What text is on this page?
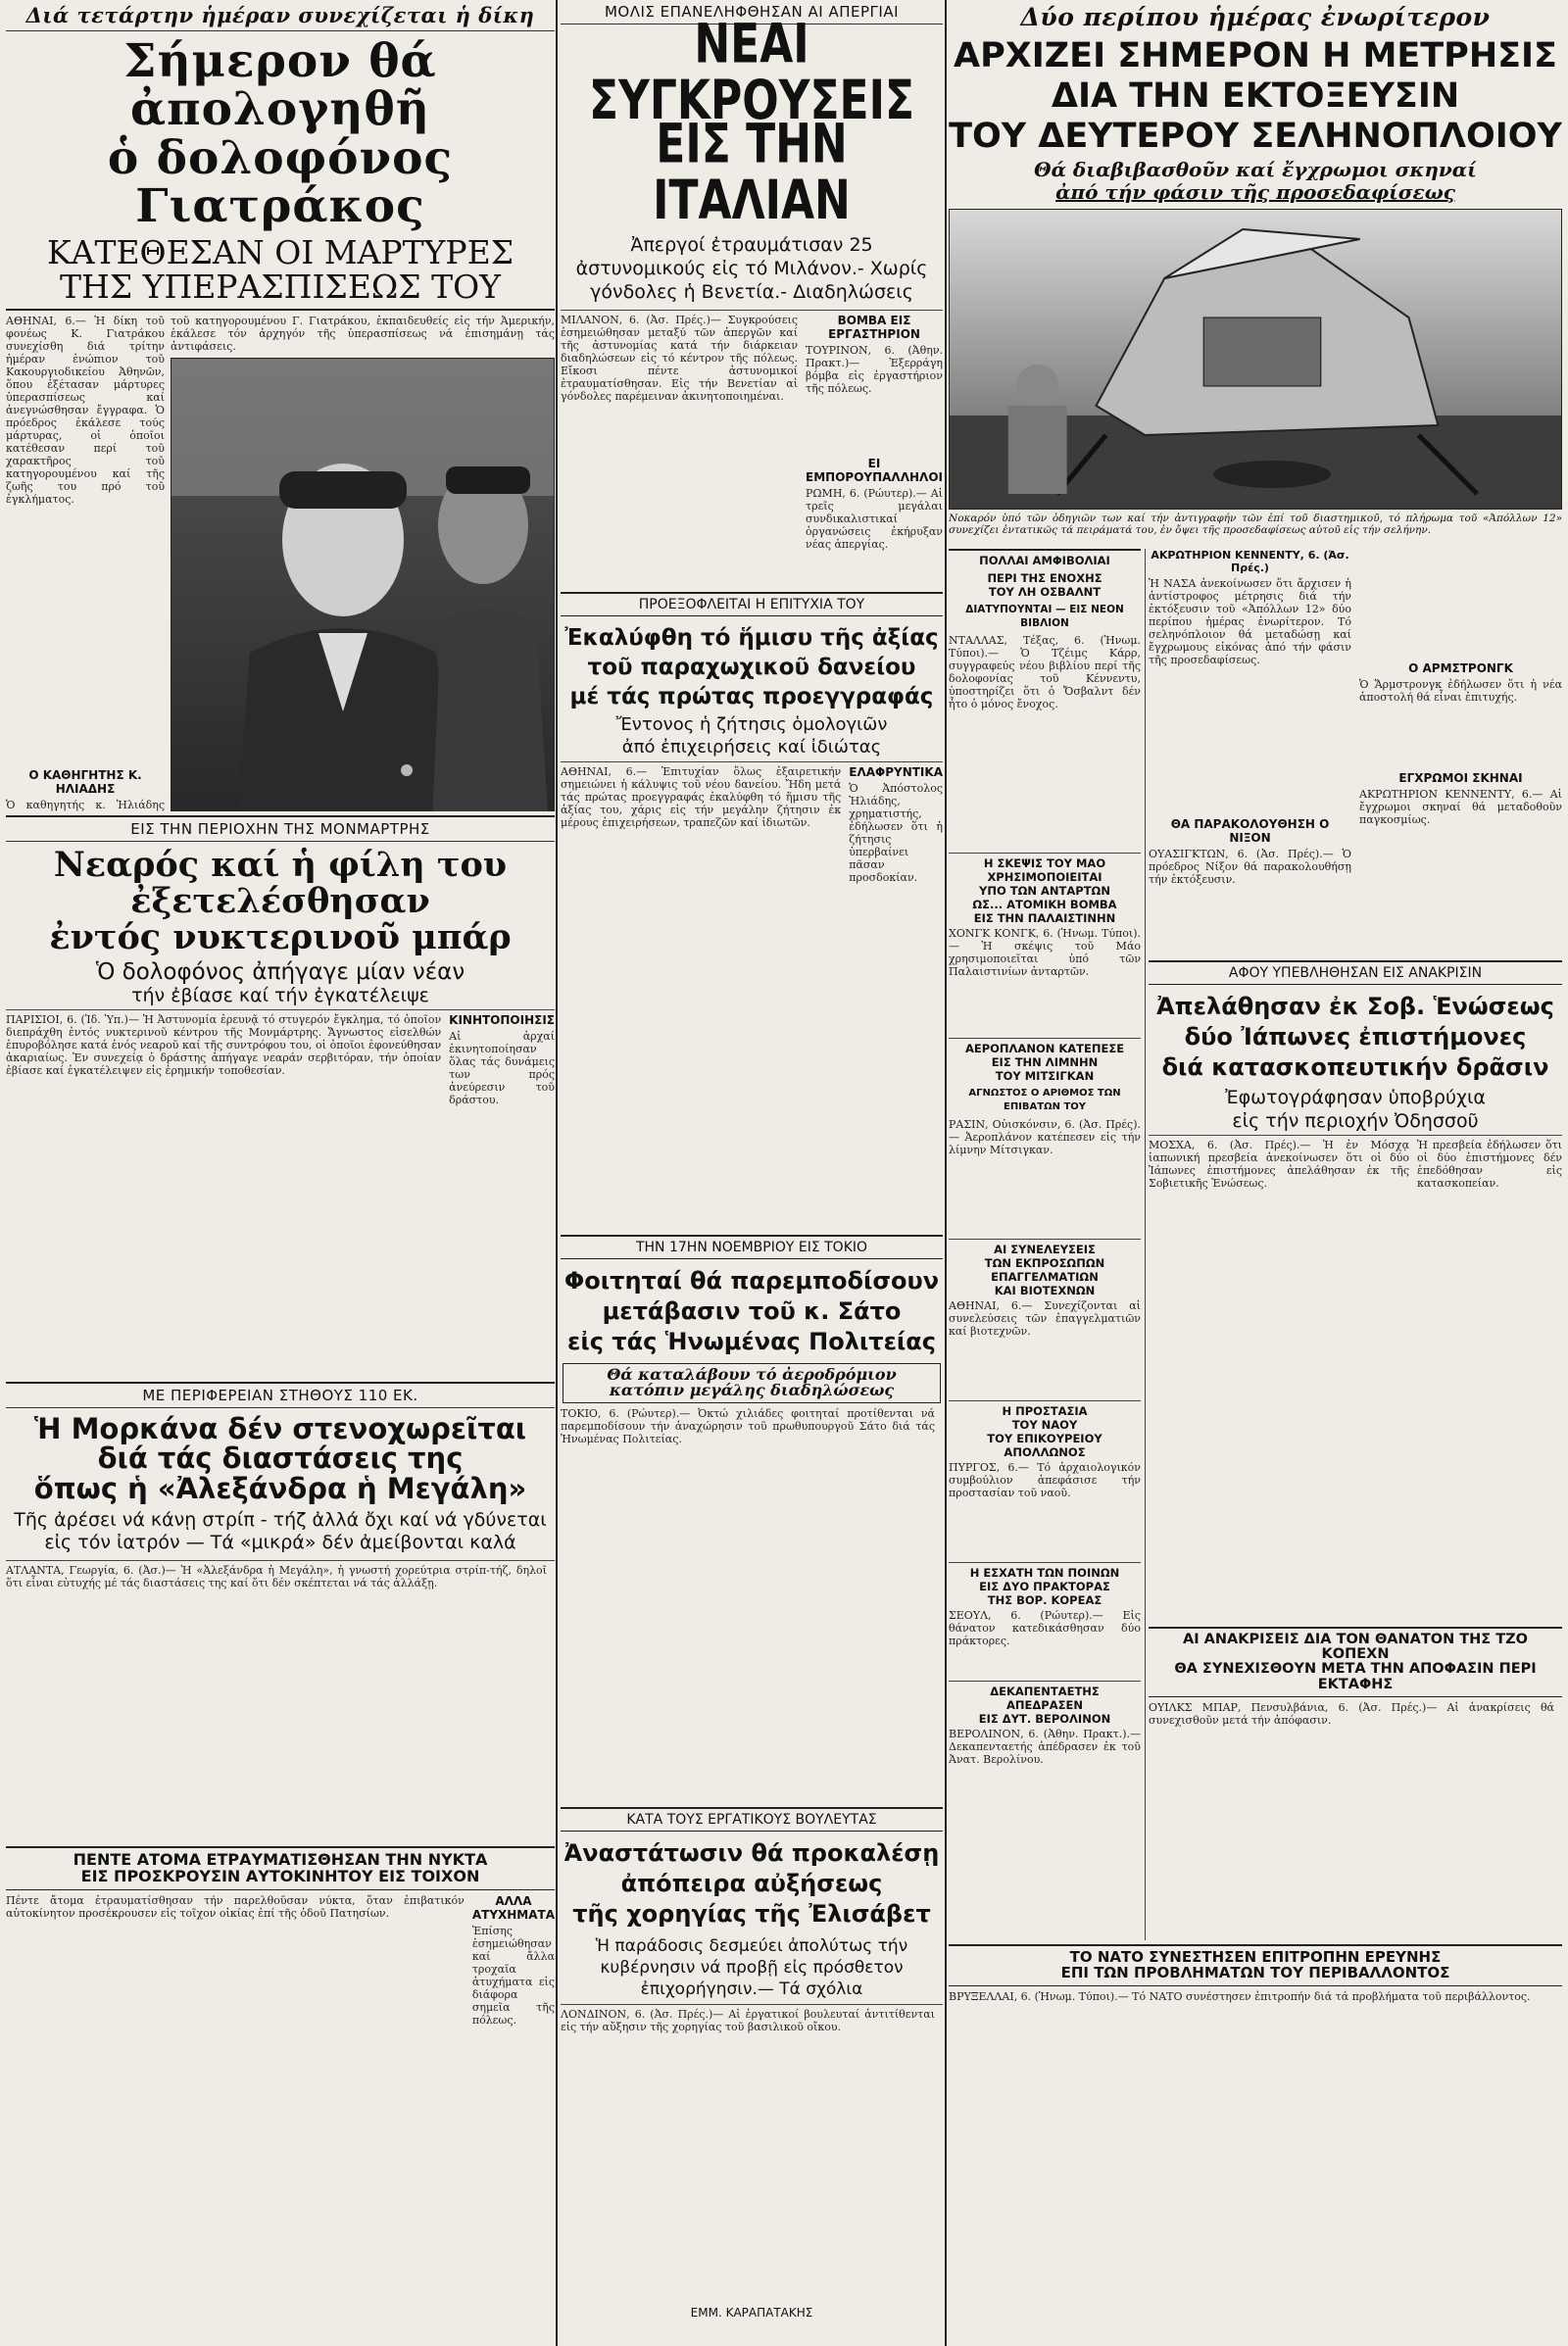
Διά τετάρτην ἡμέραν συνεχίζεται ἡ δίκη
Σήμερον θά ἀπολογηθῆ
ὁ δολοφόνος Γιατράκος
ΚΑΤΕΘΕΣΑΝ ΟΙ ΜΑΡΤΥΡΕΣ
ΤΗΣ ΥΠΕΡΑΣΠΙΣΕΩΣ ΤΟΥ

ΑΘΗΝΑΙ, 6.— Ἡ δίκη τοῦ φονέως Κ. Γιατράκου συνεχίσθη διά τρίτην ἡμέραν ἐνώπιον τοῦ Κακουργιοδικείου Ἀθηνῶν, ὅπου ἐξέτασαν μάρτυρες ὑπερασπίσεως καί ἀνεγνώσθησαν ἔγγραφα. Ὁ πρόεδρος ἐκάλεσε τούς μάρτυρας, οἱ ὁποῖοι κατέθεσαν περί τοῦ χαρακτῆρος τοῦ κατηγορουμένου καί τῆς ζωῆς του πρό τοῦ ἐγκλήματος.

Ο ΚΑΘΗΓΗΤΗΣ Κ. ΗΛΙΑΔΗΣ

Ὁ καθηγητής κ. Ἠλιάδης

τοῦ κατηγορουμένου Γ. Γιατράκου, ἐκπαιδευθείς εἰς τήν Ἀμερικήν, ἐκάλεσε τόν ἀρχηγόν τῆς ὑπερασπίσεως νά ἐπισημάνῃ τάς ἀντιφάσεις.

ΕΙΣ ΤΗΝ ΠΕΡΙΟΧΗΝ ΤΗΣ ΜΟΝΜΑΡΤΡΗΣ
Νεαρός καί ἡ φίλη του
ἐξετελέσθησαν
ἐντός νυκτερινοῦ μπάρ
Ὁ δολοφόνος ἀπήγαγε μίαν νέαν
τήν ἐβίασε καί τήν ἐγκατέλειψε

ΠΑΡΙΣΙΟΙ, 6. (Ἰδ. Ὑπ.)— Ἡ Ἀστυνομία ἐρευνᾷ τό στυγερόν ἔγκλημα, τό ὁποῖον διεπράχθη ἐντός νυκτερινοῦ κέντρου τῆς Μονμάρτρης. Ἄγνωστος εἰσελθών ἐπυροβόλησε κατά ἑνός νεαροῦ καί τῆς συντρόφου του, οἱ ὁποῖοι ἐφονεύθησαν ἀκαριαίως. Ἐν συνεχείᾳ ὁ δράστης ἀπήγαγε νεαράν σερβιτόραν, τήν ὁποίαν ἐβίασε καί ἐγκατέλειψεν εἰς ἐρημικήν τοποθεσίαν.

ΚΙΝΗΤΟΠΟΙΗΣΙΣ

Αἱ ἀρχαί ἐκινητοποίησαν ὅλας τάς δυνάμεις των πρός ἀνεύρεσιν τοῦ δράστου.

ΜΕ ΠΕΡΙΦΕΡΕΙΑΝ ΣΤΗΘΟΥΣ 110 ΕΚ.
Ἡ Μορκάνα δέν στενοχωρεῖται
διά τάς διαστάσεις της
ὅπως ἡ «Ἀλεξάνδρα ἡ Μεγάλη»
Τῆς ἀρέσει νά κάνῃ στρίπ - τήζ ἀλλά ὄχι καί νά γδύνεται εἰς τόν ἰατρόν — Τά «μικρά» δέν ἀμείβονται καλά

ΑΤΛΑΝΤΑ, Γεωργία, 6. (Ἀσ.)— Ἡ «Ἀλεξάνδρα ἡ Μεγάλη», ἡ γνωστή χορεύτρια στρίπ-τήζ, δηλοῖ ὅτι εἶναι εὐτυχής μέ τάς διαστάσεις της καί ὅτι δέν σκέπτεται νά τάς ἀλλάξῃ.

ΠΕΝΤΕ ΑΤΟΜΑ ΕΤΡΑΥΜΑΤΙΣΘΗΣΑΝ ΤΗΝ ΝΥΚΤΑ
ΕΙΣ ΠΡΟΣΚΡΟΥΣΙΝ ΑΥΤΟΚΙΝΗΤΟΥ ΕΙΣ ΤΟΙΧΟΝ

Πέντε ἄτομα ἐτραυματίσθησαν τήν παρελθοῦσαν νύκτα, ὅταν ἐπιβατικόν αὐτοκίνητον προσέκρουσεν εἰς τοῖχον οἰκίας ἐπί τῆς ὁδοῦ Πατησίων.

ΑΛΛΑ ΑΤΥΧΗΜΑΤΑ

Ἐπίσης ἐσημειώθησαν καί ἄλλα τροχαῖα ἀτυχήματα εἰς διάφορα σημεῖα τῆς πόλεως.

ΜΟΛΙΣ ΕΠΑΝΕΛΗΦΘΗΣΑΝ ΑΙ ΑΠΕΡΓΙΑΙ
ΝΕΑΙ ΣΥΓΚΡΟΥΣΕΙΣ
ΕΙΣ ΤΗΝ ΙΤΑΛΙΑΝ
Ἀπεργοί ἐτραυμάτισαν 25 ἀστυνομικούς εἰς τό Μιλάνον.- Χωρίς γόνδολες ἡ Βενετία.- Διαδηλώσεις

ΜΙΛΑΝΟΝ, 6. (Ἀσ. Πρές.)— Συγκρούσεις ἐσημειώθησαν μεταξύ τῶν ἀπεργῶν καί τῆς ἀστυνομίας κατά τήν διάρκειαν διαδηλώσεων εἰς τό κέντρον τῆς πόλεως. Εἴκοσι πέντε ἀστυνομικοί ἐτραυματίσθησαν. Εἰς τήν Βενετίαν αἱ γόνδολες παρέμειναν ἀκινητοποιημέναι.

ΒΟΜΒΑ ΕΙΣ ΕΡΓΑΣΤΗΡΙΟΝ

ΤΟΥΡΙΝΟΝ, 6. (Ἀθην. Πρακτ.)— Ἐξερράγη βόμβα εἰς ἐργαστήριον τῆς πόλεως.

ΕΙ ΕΜΠΟΡΟΥΠΑΛΛΗΛΟΙ

ΡΩΜΗ, 6. (Ρώυτερ).— Αἱ τρεῖς μεγάλαι συνδικαλιστικαί ὀργανώσεις ἐκήρυξαν νέας ἀπεργίας.

ΠΡΟΕΞΟΦΛΕΙΤΑΙ Η ΕΠΙΤΥΧΙΑ ΤΟΥ
Ἐκαλύφθη τό ἥμισυ τῆς ἀξίας
τοῦ παραχωχικοῦ δανείου
μέ τάς πρώτας προεγγραφάς
Ἔντονος ἡ ζήτησις ὁμολογιῶν
ἀπό ἐπιχειρήσεις καί ἰδιώτας

ΑΘΗΝΑΙ, 6.— Ἐπιτυχίαν ὅλως ἐξαιρετικήν σημειώνει ἡ κάλυψις τοῦ νέου δανείου. Ἤδη μετά τάς πρώτας προεγγραφάς ἐκαλύφθη τό ἥμισυ τῆς ἀξίας του, χάρις εἰς τήν μεγάλην ζήτησιν ἐκ μέρους ἐπιχειρήσεων, τραπεζῶν καί ἰδιωτῶν.

ΕΛΑΦΡΥΝΤΙΚΑ

Ὁ Ἀπόστολος Ἠλιάδης, χρηματιστής, ἐδήλωσεν ὅτι ἡ ζήτησις ὑπερβαίνει πᾶσαν προσδοκίαν.

ΤΗΝ 17ΗΝ ΝΟΕΜΒΡΙΟΥ ΕΙΣ ΤΟΚΙΟ
Φοιτηταί θά παρεμποδίσουν
μετάβασιν τοῦ κ. Σάτο
εἰς τάς Ἡνωμένας Πολιτείας
Θά καταλάβουν τό ἀεροδρόμιον
κατόπιν μεγάλης διαδηλώσεως

ΤΟΚΙΟ, 6. (Ρώυτερ).— Ὀκτώ χιλιάδες φοιτηταί προτίθενται νά παρεμποδίσουν τήν ἀναχώρησιν τοῦ πρωθυπουργοῦ Σάτο διά τάς Ἡνωμένας Πολιτείας.

ΚΑΤΑ ΤΟΥΣ ΕΡΓΑΤΙΚΟΥΣ ΒΟΥΛΕΥΤΑΣ
Ἀναστάτωσιν θά προκαλέσῃ
ἀπόπειρα αὐξήσεως
τῆς χορηγίας τῆς Ἐλισάβετ
Ἡ παράδοσις δεσμεύει ἀπολύτως τήν κυβέρνησιν νά προβῇ εἰς πρόσθετον ἐπιχορήγησιν.— Τά σχόλια

ΛΟΝΔΙΝΟΝ, 6. (Ἀσ. Πρές.)— Αἱ ἐργατικοί βουλευταί ἀντιτίθενται εἰς τήν αὔξησιν τῆς χορηγίας τοῦ βασιλικοῦ οἴκου.

ΕΜΜ. ΚΑΡΑΠΑΤΑΚΗΣ
Δύο περίπου ἡμέρας ἐνωρίτερον
ΑΡΧΙΖΕΙ ΣΗΜΕΡΟΝ Η ΜΕΤΡΗΣΙΣ
ΔΙΑ ΤΗΝ ΕΚΤΟΞΕΥΣΙΝ
ΤΟΥ ΔΕΥΤΕΡΟΥ ΣΕΛΗΝΟΠΛΟΙΟΥ
Θά διαβιβασθοῦν καί ἔγχρωμοι σκηναί
ἀπό τήν φάσιν τῆς προσεδαφίσεως

Νοκαρόν ὑπό τῶν ὁδηγιῶν των καί τήν ἀντιγραφήν τῶν ἐπί τοῦ διαστημικοῦ, τό πλήρωμα τοῦ «Ἀπόλλων 12» συνεχίζει ἐντατικῶς τά πειράματά του, ἐν ὄψει τῆς προσεδαφίσεως αὐτοῦ εἰς τήν σελήνην.

ΠΟΛΛΑΙ ΑΜΦΙΒΟΛΙΑΙ
ΠΕΡΙ ΤΗΣ ΕΝΟΧΗΣ
ΤΟΥ ΛΗ ΟΣΒΑΛΝΤ
ΔΙΑΤΥΠΟΥΝΤΑΙ — ΕΙΣ ΝΕΟΝ ΒΙΒΛΙΟΝ

ΝΤΑΛΛΑΣ, Τέξας, 6. (Ἡνωμ. Τύποι).— Ὁ Τζέιμς Κάρρ, συγγραφεύς νέου βιβλίου περί τῆς δολοφονίας τοῦ Κέννεντυ, ὑποστηρίζει ὅτι ὁ Ὄσβαλντ δέν ἦτο ὁ μόνος ἔνοχος.

Η ΣΚΕΨΙΣ ΤΟΥ ΜΑΟ
ΧΡΗΣΙΜΟΠΟΙΕΙΤΑΙ
ΥΠΟ ΤΩΝ ΑΝΤΑΡΤΩΝ
ΩΣ... ΑΤΟΜΙΚΗ ΒΟΜΒΑ
ΕΙΣ ΤΗΝ ΠΑΛΑΙΣΤΙΝΗΝ

ΧΟΝΓΚ ΚΟΝΓΚ, 6. (Ἡνωμ. Τύποι).— Ἡ σκέψις τοῦ Μάο χρησιμοποιεῖται ὑπό τῶν Παλαιστινίων ἀνταρτῶν.

ΑΕΡΟΠΛΑΝΟΝ ΚΑΤΕΠΕΣΕ
ΕΙΣ ΤΗΝ ΛΙΜΝΗΝ
ΤΟΥ ΜΙΤΣΙΓΚΑΝ
ΑΓΝΩΣΤΟΣ Ο ΑΡΙΘΜΟΣ ΤΩΝ ΕΠΙΒΑΤΩΝ ΤΟΥ

ΡΑΣΙΝ, Οὐισκόνσιν, 6. (Ἀσ. Πρές).— Ἀεροπλάνον κατέπεσεν εἰς τήν λίμνην Μίτσιγκαν.

ΑΙ ΣΥΝΕΛΕΥΣΕΙΣ
ΤΩΝ ΕΚΠΡΟΣΩΠΩΝ
ΕΠΑΓΓΕΛΜΑΤΙΩΝ
ΚΑΙ ΒΙΟΤΕΧΝΩΝ

ΑΘΗΝΑΙ, 6.— Συνεχίζονται αἱ συνελεύσεις τῶν ἐπαγγελματιῶν καί βιοτεχνῶν.

Η ΠΡΟΣΤΑΣΙΑ
ΤΟΥ ΝΑΟΥ
ΤΟΥ ΕΠΙΚΟΥΡΕΙΟΥ
ΑΠΟΛΛΩΝΟΣ

ΠΥΡΓΟΣ, 6.— Τό ἀρχαιολογικόν συμβούλιον ἀπεφάσισε τήν προστασίαν τοῦ ναοῦ.

Η ΕΣΧΑΤΗ ΤΩΝ ΠΟΙΝΩΝ
ΕΙΣ ΔΥΟ ΠΡΑΚΤΟΡΑΣ
ΤΗΣ ΒΟΡ. ΚΟΡΕΑΣ

ΣΕΟΥΛ, 6. (Ρώυτερ).— Εἰς θάνατον κατεδικάσθησαν δύο πράκτορες.

ΔΕΚΑΠΕΝΤΑΕΤΗΣ
ΑΠΕΔΡΑΣΕΝ
ΕΙΣ ΔΥΤ. ΒΕΡΟΛΙΝΟΝ

ΒΕΡΟΛΙΝΟΝ, 6. (Ἀθην. Πρακτ.).— Δεκαπενταετής ἀπέδρασεν ἐκ τοῦ Ἀνατ. Βερολίνου.

ΑΚΡΩΤΗΡΙΟΝ ΚΕΝΝΕΝΤΥ, 6. (Ἀσ. Πρές.)

Ἡ ΝΑΣΑ ἀνεκοίνωσεν ὅτι ἄρχισεν ἡ ἀντίστροφος μέτρησις διά τήν ἐκτόξευσιν τοῦ «Ἀπόλλων 12» δύο περίπου ἡμέρας ἐνωρίτερον. Τό σεληνόπλοιον θά μεταδώσῃ καί ἔγχρωμους εἰκόνας ἀπό τήν φάσιν τῆς προσεδαφίσεως.

ΘΑ ΠΑΡΑΚΟΛΟΥΘΗΣΗ Ο ΝΙΞΟΝ

ΟΥΑΣΙΓΚΤΩΝ, 6. (Ἀσ. Πρές).— Ὁ πρόεδρος Νίξον θά παρακολουθήσῃ τήν ἐκτόξευσιν.

Ο ΑΡΜΣΤΡΟΝΓΚ

Ὁ Ἄρμστρονγκ ἐδήλωσεν ὅτι ἡ νέα ἀποστολή θά εἶναι ἐπιτυχής.

ΕΓΧΡΩΜΟΙ ΣΚΗΝΑΙ

ΑΚΡΩΤΗΡΙΟΝ ΚΕΝΝΕΝΤΥ, 6.— Αἱ ἔγχρωμοι σκηναί θά μεταδοθοῦν παγκοσμίως.

ΑΦΟΥ ΥΠΕΒΛΗΘΗΣΑΝ ΕΙΣ ΑΝΑΚΡΙΣΙΝ
Ἀπελάθησαν ἐκ Σοβ. Ἑνώσεως
δύο Ἰάπωνες ἐπιστήμονες
διά κατασκοπευτικήν δρᾶσιν
Ἐφωτογράφησαν ὑποβρύχια
εἰς τήν περιοχήν Ὀδησσοῦ

ΜΟΣΧΑ, 6. (Ἀσ. Πρές).— Ἡ ἐν Μόσχᾳ ἰαπωνική πρεσβεία ἀνεκοίνωσεν ὅτι οἱ δύο Ἰάπωνες ἐπιστήμονες ἀπελάθησαν ἐκ τῆς Σοβιετικῆς Ἑνώσεως.

Ἡ πρεσβεία ἐδήλωσεν ὅτι οἱ δύο ἐπιστήμονες δέν ἐπεδόθησαν εἰς κατασκοπείαν.

ΑΙ ΑΝΑΚΡΙΣΕΙΣ ΔΙΑ ΤΟΝ ΘΑΝΑΤΟΝ ΤΗΣ ΤΖΟ ΚΟΠΕΧΝ
ΘΑ ΣΥΝΕΧΙΣΘΟΥΝ ΜΕΤΑ ΤΗΝ ΑΠΟΦΑΣΙΝ ΠΕΡΙ ΕΚΤΑΦΗΣ

ΟΥΙΛΚΣ ΜΠΑΡ, Πενσυλβάνια, 6. (Ἀσ. Πρές.)— Αἱ ἀνακρίσεις θά συνεχισθοῦν μετά τήν ἀπόφασιν.

ΤΟ ΝΑΤΟ ΣΥΝΕΣΤΗΣΕΝ ΕΠΙΤΡΟΠΗΝ ΕΡΕΥΝΗΣ
ΕΠΙ ΤΩΝ ΠΡΟΒΛΗΜΑΤΩΝ ΤΟΥ ΠΕΡΙΒΑΛΛΟΝΤΟΣ

ΒΡΥΞΕΛΛΑΙ, 6. (Ἡνωμ. Τύποι).— Τό ΝΑΤΟ συνέστησεν ἐπιτροπήν διά τά προβλήματα τοῦ περιβάλλοντος.
